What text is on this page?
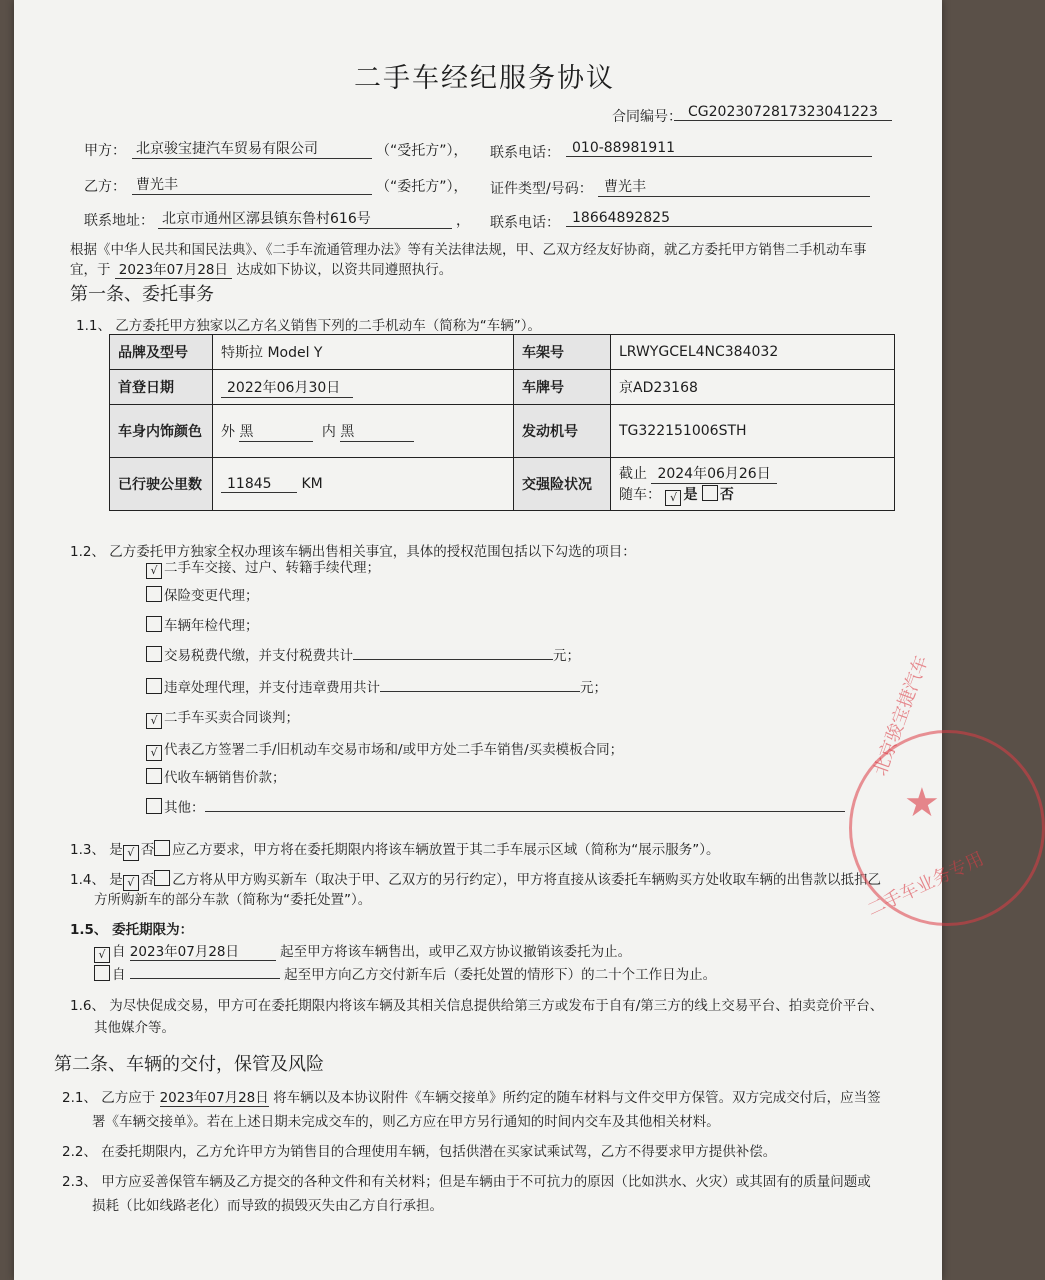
二手车经纪服务协议
合同编号： CG2023072817323041223
甲方： 北京骏宝捷汽车贸易有限公司	（“受托方”）， 联系电话： 010-88981911
乙方： 曹光丰	（“委托方”）， 证件类型/号码： 曹光丰
联系地址： 北京市通州区漷县镇东鲁村616号	， 联系电话： 18664892825
根据《中华人民共和国民法典》、《二手车流通管理办法》等有关法律法规，甲、乙双方经友好协商，就乙方委托甲方销售二手机动车事
宜，于 2023年07月28日 达成如下协议，以资共同遵照执行。
第一条、委托事务
1.1、 乙方委托甲方独家以乙方名义销售下列的二手机动车（简称为“车辆”）。
品牌及型号	特斯拉 Model Y	车架号	LRWYGCEL4NC384032
首登日期	2022年06月30日	车牌号	京AD23168
车身内饰颜色	外 黑 内 黑	发动机号	TG322151006STH
已行驶公里数	11845 KM	交强险状况	截止 2024年06月26日
随车： √ 是 否
1.2、 乙方委托甲方独家全权办理该车辆出售相关事宜，具体的授权范围包括以下勾选的项目：
√ 二手车交接、过户、转籍手续代理；
保险变更代理；
车辆年检代理；
交易税费代缴，并支付税费共计	元；
违章处理代理，并支付违章费用共计	元；
√ 二手车买卖合同谈判；
√ 代表乙方签署二手/旧机动车交易市场和/或甲方处二手车销售/买卖模板合同；
代收车辆销售价款；
其他：
1.3、 是 √ 否 应乙方要求，甲方将在委托期限内将该车辆放置于其二手车展示区域（简称为“展示服务”）。
1.4、 是 √ 否 乙方将从甲方购买新车（取决于甲、乙双方的另行约定），甲方将直接从该委托车辆购买方处收取车辆的出售款以抵扣乙
方所购新车的部分车款（简称为“委托处置”）。
1.5、 委托期限为：
√ 自 2023年07月28日	起至甲方将该车辆售出，或甲乙双方协议撤销该委托为止。
自	起至甲方向乙方交付新车后（委托处置的情形下）的二十个工作日为止。
1.6、 为尽快促成交易，甲方可在委托期限内将该车辆及其相关信息提供给第三方或发布于自有/第三方的线上交易平台、拍卖竞价平台、
其他媒介等。
第二条、车辆的交付，保管及风险
2.1、 乙方应于 2023年07月28日 将车辆以及本协议附件《车辆交接单》所约定的随车材料与文件交甲方保管。双方完成交付后，应当签
署《车辆交接单》。若在上述日期未完成交车的，则乙方应在甲方另行通知的时间内交车及其他相关材料。
2.2、 在委托期限内，乙方允许甲方为销售目的合理使用车辆，包括供潜在买家试乘试驾，乙方不得要求甲方提供补偿。
2.3、 甲方应妥善保管车辆及乙方提交的各种文件和有关材料；但是车辆由于不可抗力的原因（比如洪水、火灾）或其固有的质量问题或
损耗（比如线路老化）而导致的损毁灭失由乙方自行承担。
北京骏宝捷汽车
★
二手车业务专用
